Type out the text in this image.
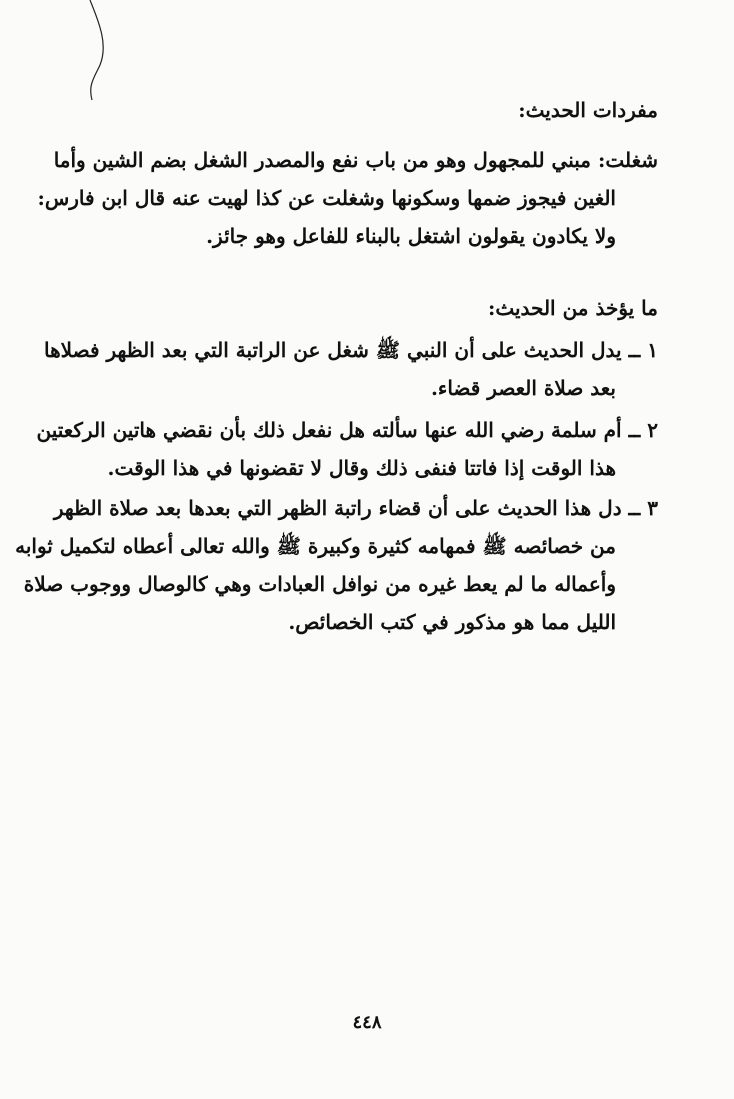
مفردات الحديث:
شغلت: مبني للمجهول وهو من باب نفع والمصدر الشغل بضم الشين وأما
الغين فيجوز ضمها وسكونها وشغلت عن كذا لهيت عنه قال ابن فارس:
ولا يكادون يقولون اشتغل بالبناء للفاعل وهو جائز.
ما يؤخذ من الحديث:
١ ــ يدل الحديث على أن النبي ﷺ شغل عن الراتبة التي بعد الظهر فصلاها
بعد صلاة العصر قضاء.
٢ ــ أم سلمة رضي الله عنها سألته هل نفعل ذلك بأن نقضي هاتين الركعتين
هذا الوقت إذا فاتتا فنفى ذلك وقال لا تقضونها في هذا الوقت.
٣ ــ دل هذا الحديث على أن قضاء راتبة الظهر التي بعدها بعد صلاة الظهر
من خصائصه ﷺ فمهامه كثيرة وكبيرة ﷺ والله تعالى أعطاه لتكميل ثوابه
وأعماله ما لم يعط غيره من نوافل العبادات وهي كالوصال ووجوب صلاة
الليل مما هو مذكور في كتب الخصائص.
٤٤٨
